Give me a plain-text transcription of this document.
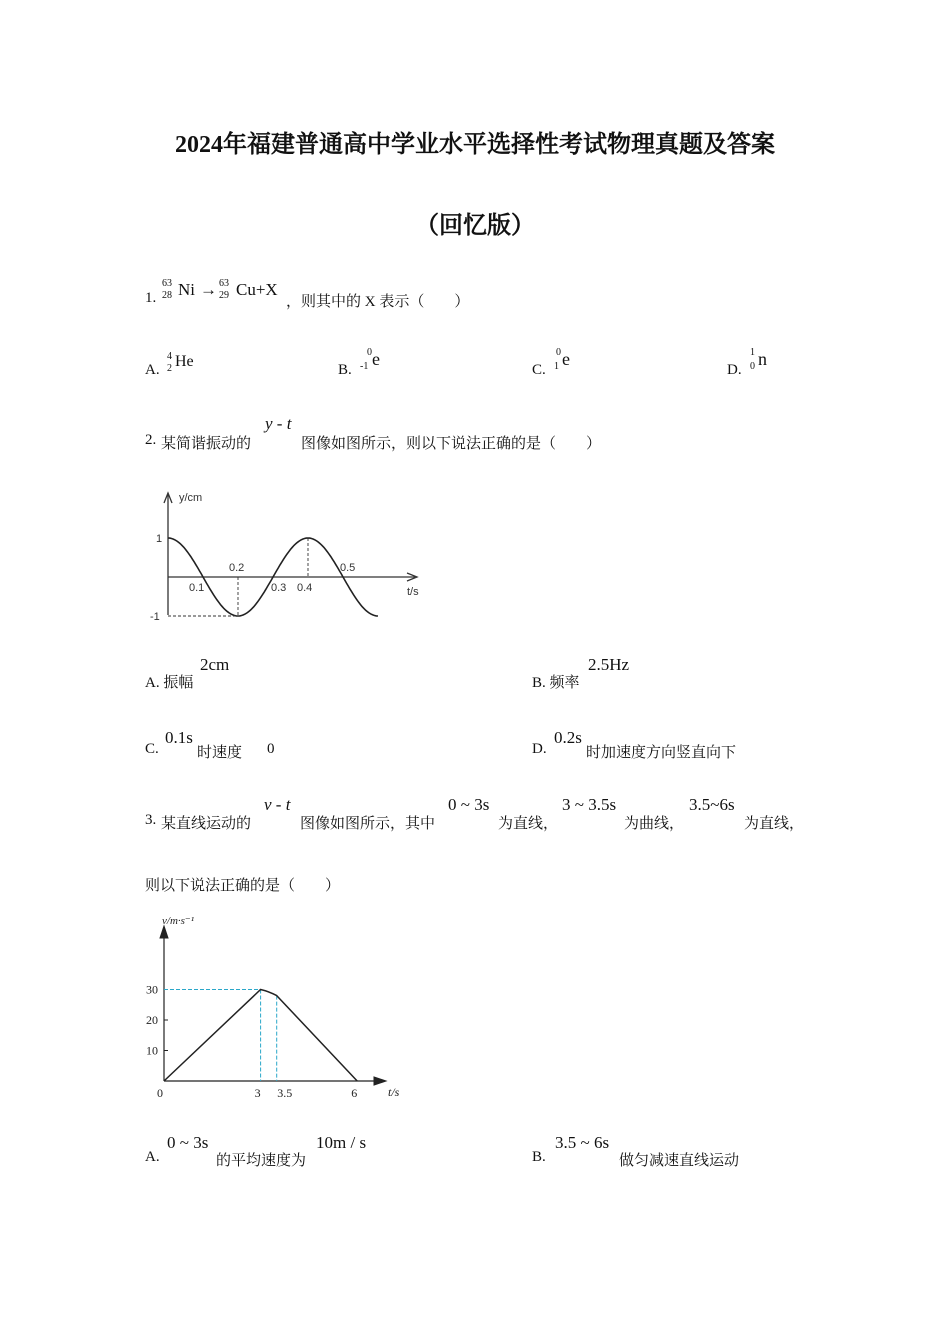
2024年福建普通高中学业水平选择性考试物理真题及答案
（回忆版）
1.
63
28 Ni → 63
29 Cu+X
，则其中的 X 表示（　　）
A.
4
2 He	B.
0
-1 e
C.
0
1 e
D.
1
0 n
2. 某简谐振动的
y - t
图像如图所示，则以下说法正确的是（　　）
y/cm
t/s
1
-1
0.1
0.2
0.3 0.4
0.5
A. 振幅
2cm
B. 频率
2.5Hz
C.
0.1s
时速度 0	D.
0.2s
时加速度方向竖直向下
3. 某直线运动的
v - t
图像如图所示，其中
0 ~ 3s
为直线，
3 ~ 3.5s
为曲线，
3.5~6s
为直线，
则以下说法正确的是（　　）
v/m·s⁻¹
t/s
10
20
30
0	3 3.5	6
A.
0 ~ 3s
的平均速度为
10m / s
B.
3.5 ~ 6s
做匀减速直线运动
